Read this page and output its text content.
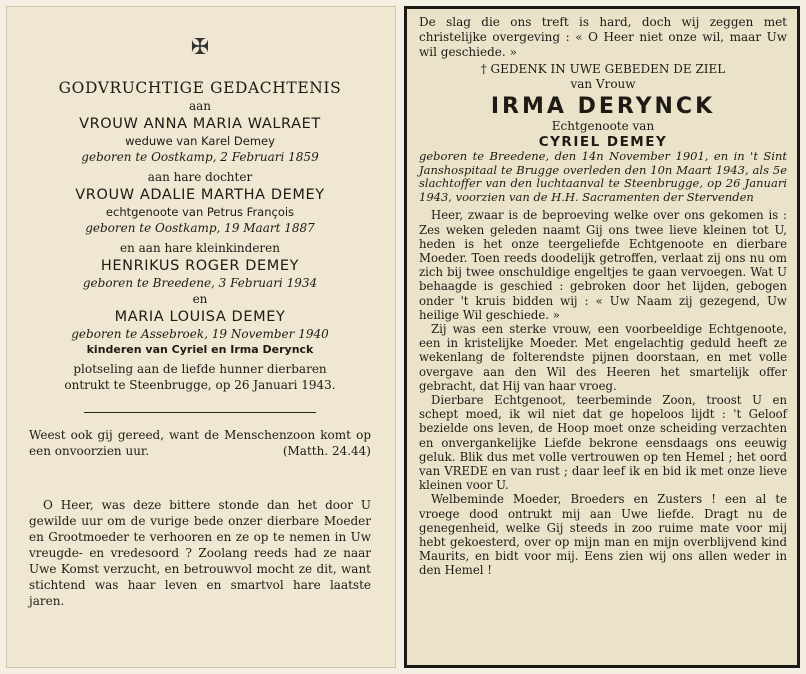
✠
GODVRUCHTIGE GEDACHTENIS
aan
VROUW ANNA MARIA WALRAET
weduwe van Karel Demey
geboren te Oostkamp, 2 Februari 1859
aan hare dochter
VROUW ADALIE MARTHA DEMEY
echtgenoote van Petrus François
geboren te Oostkamp, 19 Maart 1887
en aan hare kleinkinderen
HENRIKUS ROGER DEMEY
geboren te Breedene, 3 Februari 1934
en
MARIA LOUISA DEMEY
geboren te Assebroek, 19 November 1940
kinderen van Cyriel en Irma Derynck
plotseling aan de liefde hunner dierbaren
ontrukt te Steenbrugge, op 26 Januari 1943.
Weest ook gij gereed, want de Menschenzoon komt op een onvoorzien uur.	(Matth. 24.44)
O Heer, was deze bittere stonde dan het door U gewilde uur om de vurige bede onzer dierbare Moeder en Grootmoeder te verhooren en ze op te nemen in Uw vreugde- en vredesoord ? Zoolang reeds had ze naar Uwe Komst verzucht, en betrouwvol mocht ze dit, want stichtend was haar leven en smartvol hare laatste jaren.
De slag die ons treft is hard, doch wij zeggen met christelijke overgeving : « O Heer niet onze wil, maar Uw wil geschiede. »
† GEDENK IN UWE GEBEDEN DE ZIEL
van Vrouw
IRMA DERYNCK
Echtgenoote van
CYRIEL DEMEY
geboren te Breedene, den 14n November 1901, en in 't Sint Janshospitaal te Brugge overleden den 10n Maart 1943, als 5e slachtoffer van den luchtaanval te Steenbrugge, op 26 Januari 1943, voorzien van de H.H. Sacramenten der Stervenden

Heer, zwaar is de beproeving welke over ons gekomen is : Zes weken geleden naamt Gij ons twee lieve kleinen tot U, heden is het onze teergeliefde Echtgenoote en dierbare Moeder. Toen reeds doodelijk getroffen, verlaat zij ons nu om zich bij twee onschuldige engeltjes te gaan vervoegen. Wat U behaagde is geschied : gebroken door het lijden, gebogen onder 't kruis bidden wij : « Uw Naam zij gezegend, Uw heilige Wil geschiede. »

Zij was een sterke vrouw, een voorbeeldige Echtgenoote, een in kristelijke Moeder. Met engelachtig geduld heeft ze wekenlang de folterendste pijnen doorstaan, en met volle overgave aan den Wil des Heeren het smartelijk offer gebracht, dat Hij van haar vroeg.

Dierbare Echtgenoot, teerbeminde Zoon, troost U en schept moed, ik wil niet dat ge hopeloos lijdt : 't Geloof bezielde ons leven, de Hoop moet onze scheiding verzachten en onvergankelijke Liefde bekrone eensdaags ons eeuwig geluk. Blik dus met volle vertrouwen op ten Hemel ; het oord van VREDE en van rust ; daar leef ik en bid ik met onze lieve kleinen voor U.

Welbeminde Moeder, Broeders en Zusters ! een al te vroege dood ontrukt mij aan Uwe liefde. Dragt nu de genegenheid, welke Gij steeds in zoo ruime mate voor mij hebt gekoesterd, over op mijn man en mijn overblijvend kind Maurits, en bidt voor mij. Eens zien wij ons allen weder in den Hemel !
